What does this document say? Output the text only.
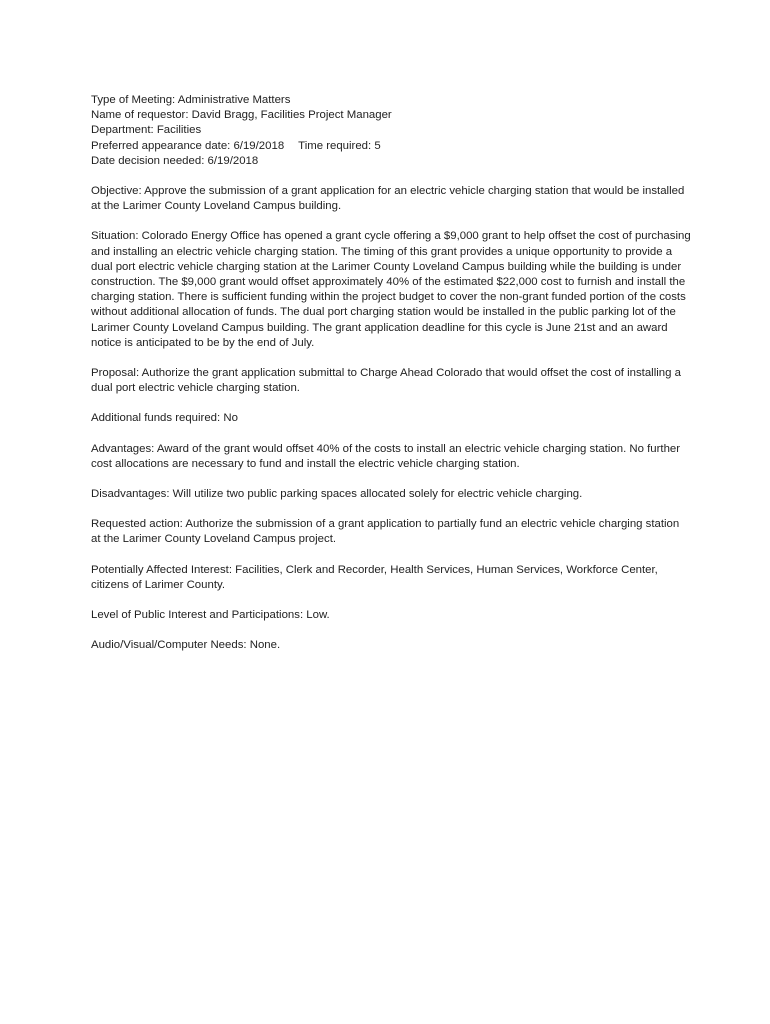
Type of Meeting: Administrative Matters
Name of requestor: David Bragg, Facilities Project Manager
Department: Facilities
Preferred appearance date: 6/19/2018 Time required: 5
Date decision needed: 6/19/2018

Objective: Approve the submission of a grant application for an electric vehicle charging station that would be installed at the Larimer County Loveland Campus building.

Situation: Colorado Energy Office has opened a grant cycle offering a $9,000 grant to help offset the cost of purchasing and installing an electric vehicle charging station. The timing of this grant provides a unique opportunity to provide a dual port electric vehicle charging station at the Larimer County Loveland Campus building while the building is under construction. The $9,000 grant would offset approximately 40% of the estimated $22,000 cost to furnish and install the charging station. There is sufficient funding within the project budget to cover the non-grant funded portion of the costs without additional allocation of funds. The dual port charging station would be installed in the public parking lot of the Larimer County Loveland Campus building. The grant application deadline for this cycle is June 21st and an award notice is anticipated to be by the end of July.

Proposal: Authorize the grant application submittal to Charge Ahead Colorado that would offset the cost of installing a dual port electric vehicle charging station.

Additional funds required: No

Advantages: Award of the grant would offset 40% of the costs to install an electric vehicle charging station. No further cost allocations are necessary to fund and install the electric vehicle charging station.

Disadvantages: Will utilize two public parking spaces allocated solely for electric vehicle charging.

Requested action: Authorize the submission of a grant application to partially fund an electric vehicle charging station at the Larimer County Loveland Campus project.

Potentially Affected Interest: Facilities, Clerk and Recorder, Health Services, Human Services, Workforce Center, citizens of Larimer County.

Level of Public Interest and Participations: Low.

Audio/Visual/Computer Needs: None.
